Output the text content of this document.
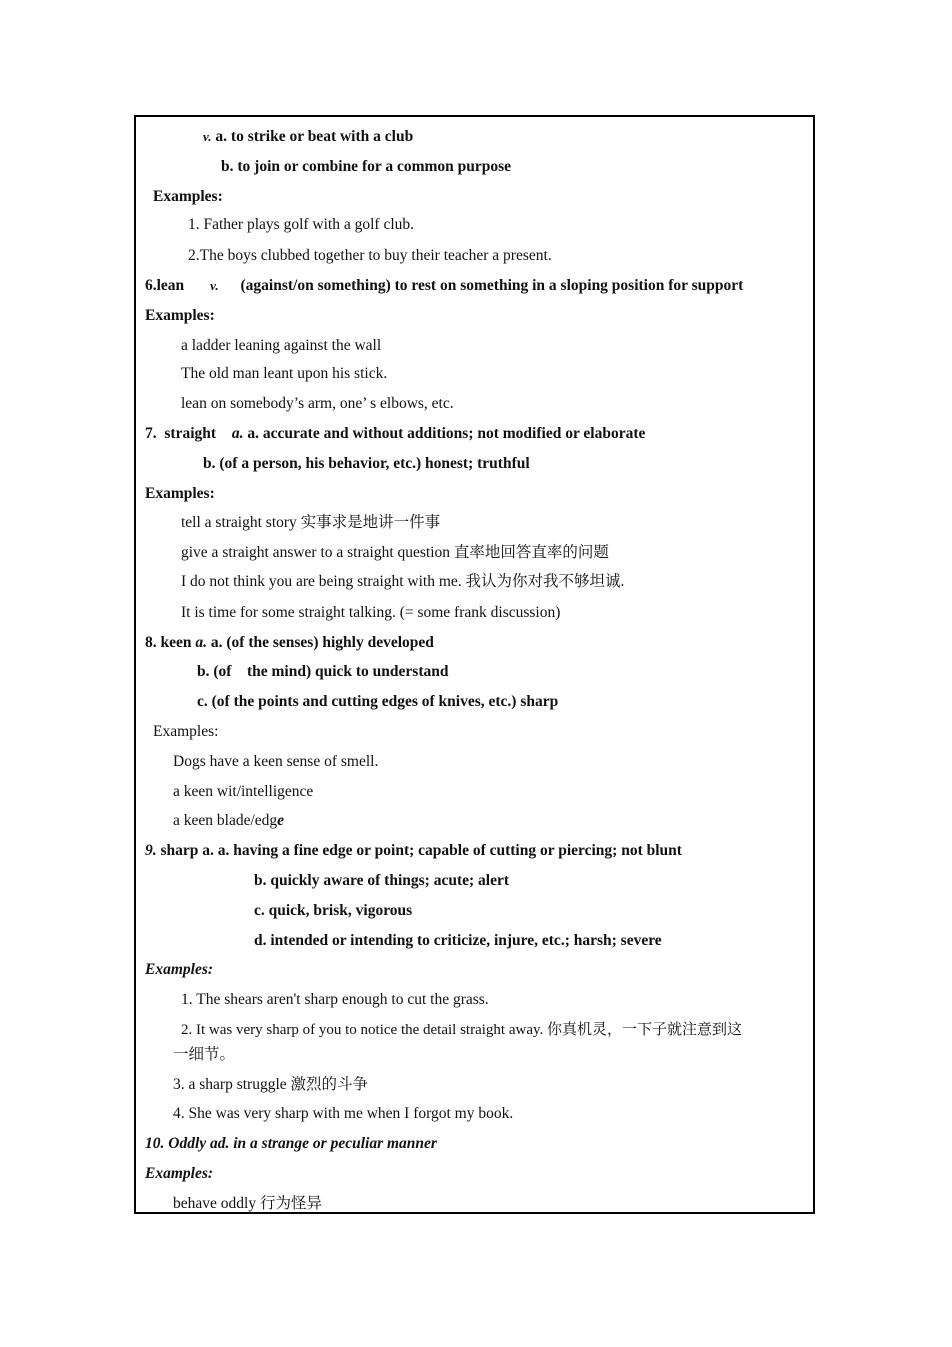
v. a. to strike or beat with a club
b. to join or combine for a common purpose
Examples:
1. Father plays golf with a golf club.
2.The boys clubbed together to buy their teacher a present.
6.lean v. (against/on something) to rest on something in a sloping position for support
Examples:
a ladder leaning against the wall
The old man leant upon his stick.
lean on somebody’s arm, one’ s elbows, etc.
7.  straight a. a. accurate and without additions; not modified or elaborate
b. (of a person, his behavior, etc.) honest; truthful
Examples:
tell a straight story 实事求是地讲一件事
give a straight answer to a straight question 直率地回答直率的问题
I do not think you are being straight with me. 我认为你对我不够坦诚.
It is time for some straight talking. (= some frank discussion)
8. keen a. a. (of the senses) highly developed
b. (of    the mind) quick to understand
c. (of the points and cutting edges of knives, etc.) sharp
Examples:
Dogs have a keen sense of smell.
a keen wit/intelligence
a keen blade/edge
9. sharp a. a. having a fine edge or point; capable of cutting or piercing; not blunt
b. quickly aware of things; acute; alert
c. quick, brisk, vigorous
d. intended or intending to criticize, injure, etc.; harsh; severe
Examples:
1. The shears aren't sharp enough to cut the grass.
2. It was very sharp of you to notice the detail straight away. 你真机灵，一下子就注意到这
一细节。
3. a sharp struggle 激烈的斗争
4. She was very sharp with me when I forgot my book.
10. Oddly ad. in a strange or peculiar manner
Examples:
behave oddly 行为怪异
